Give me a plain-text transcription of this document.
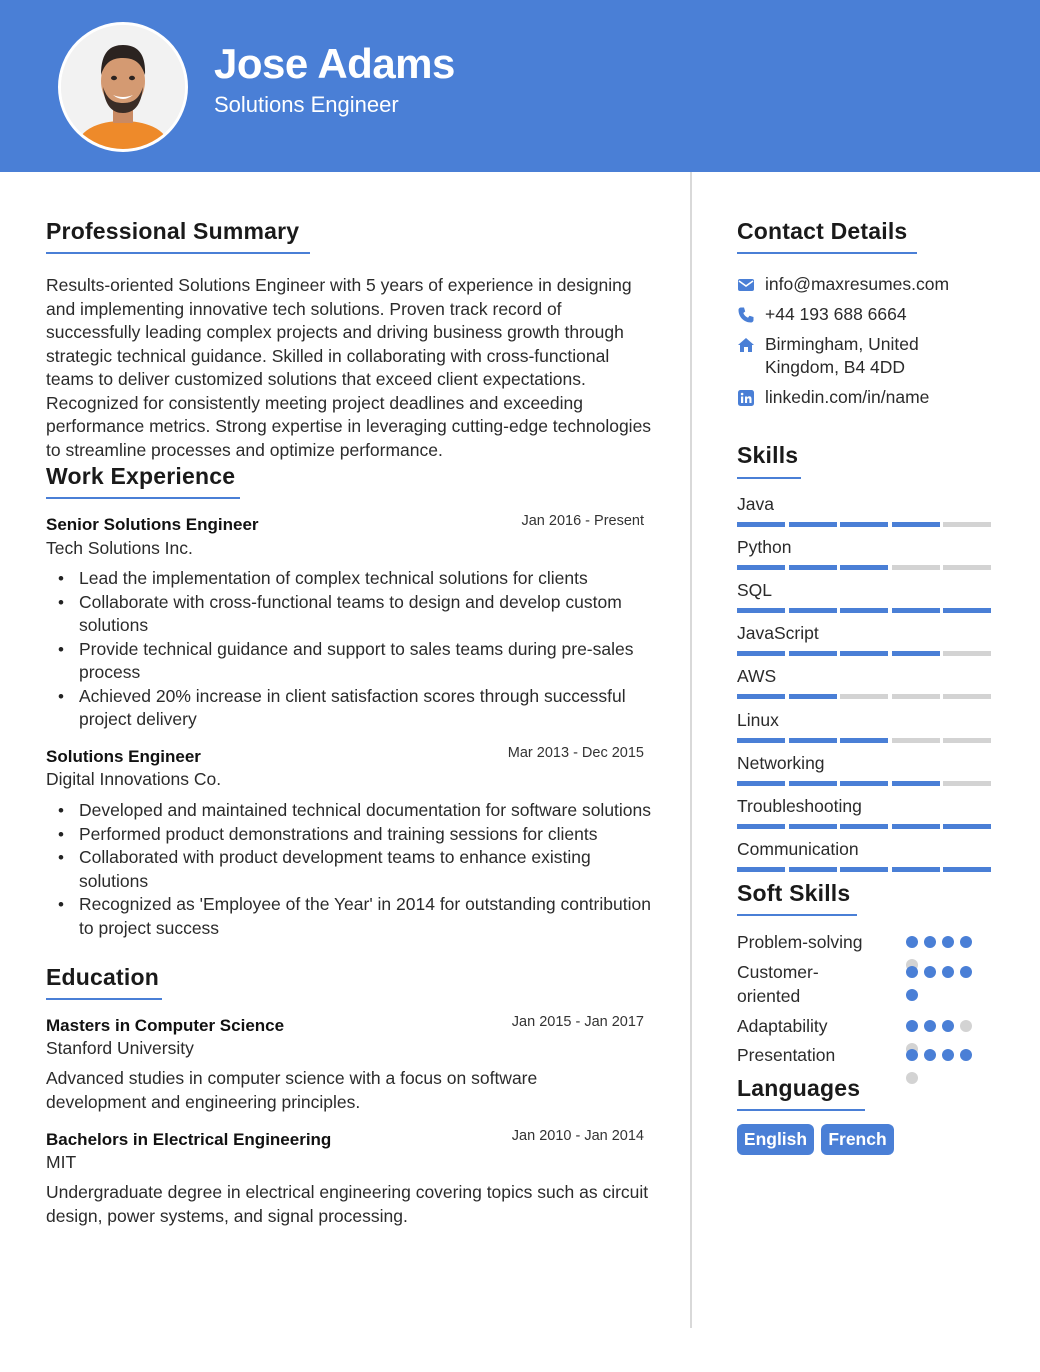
Jose Adams
Solutions Engineer
Professional Summary
Results-oriented Solutions Engineer with 5 years of experience in designing and implementing innovative tech solutions. Proven track record of successfully leading complex projects and driving business growth through strategic technical guidance. Skilled in collaborating with cross-functional teams to deliver customized solutions that exceed client expectations. Recognized for consistently meeting project deadlines and exceeding performance metrics. Strong expertise in leveraging cutting-edge technologies to streamline processes and optimize performance.
Work Experience
Senior Solutions Engineer	Jan 2016 - Present
Tech Solutions Inc.
• Lead the implementation of complex technical solutions for clients
• Collaborate with cross-functional teams to design and develop custom solutions
• Provide technical guidance and support to sales teams during pre-sales process
• Achieved 20% increase in client satisfaction scores through successful project delivery
Solutions Engineer	Mar 2013 - Dec 2015
Digital Innovations Co.
• Developed and maintained technical documentation for software solutions
• Performed product demonstrations and training sessions for clients
• Collaborated with product development teams to enhance existing solutions
• Recognized as 'Employee of the Year' in 2014 for outstanding contribution to project success
Education
Masters in Computer Science	Jan 2015 - Jan 2017
Stanford University
Advanced studies in computer science with a focus on software development and engineering principles.
Bachelors in Electrical Engineering	Jan 2010 - Jan 2014
MIT
Undergraduate degree in electrical engineering covering topics such as circuit design, power systems, and signal processing.
Contact Details
info@maxresumes.com
+44 193 688 6664
Birmingham, United Kingdom, B4 4DD
linkedin.com/in/name
Skills
Java
Python
SQL
JavaScript
AWS
Linux
Networking
Troubleshooting
Communication
Soft Skills
Problem-solving
Customer-oriented
Adaptability
Presentation
Languages
English	French
